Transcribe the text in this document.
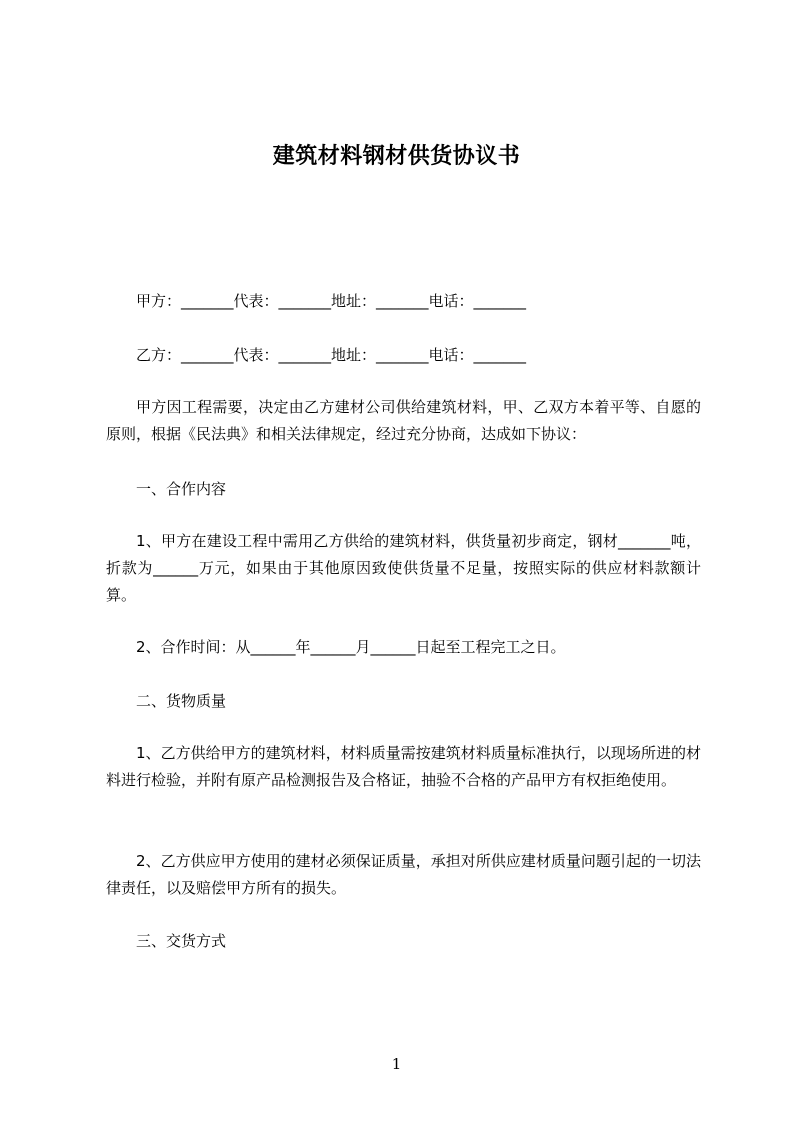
建筑材料钢材供货协议书
甲方：_______代表：_______地址：_______电话：_______
乙方：_______代表：_______地址：_______电话：_______
甲方因工程需要，决定由乙方建材公司供给建筑材料，甲、乙双方本着平等、自愿的原则，根据《民法典》和相关法律规定，经过充分协商，达成如下协议：
一、合作内容
1、甲方在建设工程中需用乙方供给的建筑材料，供货量初步商定，钢材_______吨，折款为______万元，如果由于其他原因致使供货量不足量，按照实际的供应材料款额计算。
2、合作时间：从______年______月______日起至工程完工之日。
二、货物质量
1、乙方供给甲方的建筑材料，材料质量需按建筑材料质量标准执行，以现场所进的材料进行检验，并附有原产品检测报告及合格证，抽验不合格的产品甲方有权拒绝使用。
2、乙方供应甲方使用的建材必须保证质量，承担对所供应建材质量问题引起的一切法律责任，以及赔偿甲方所有的损失。
三、交货方式
1
